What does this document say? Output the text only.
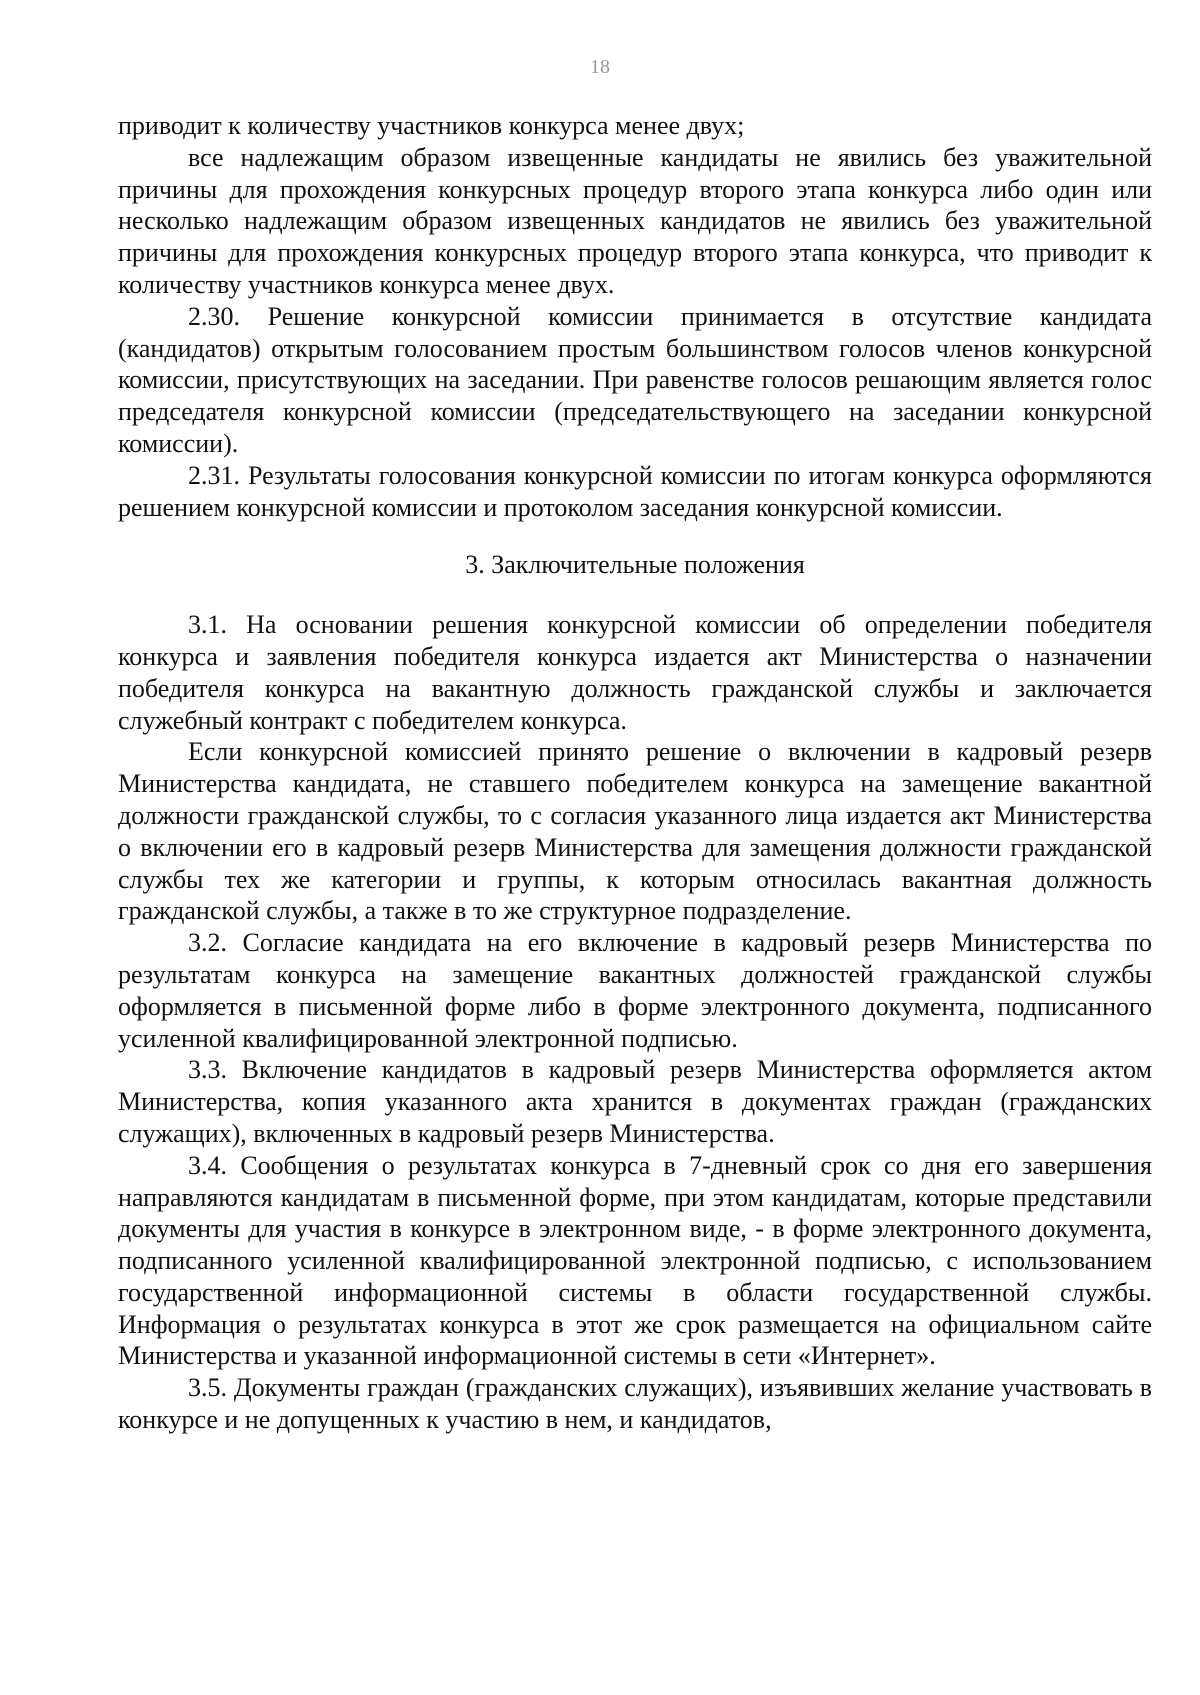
18

приводит к количеству участников конкурса менее двух;

все надлежащим образом извещенные кандидаты не явились без уважительной причины для прохождения конкурсных процедур второго этапа конкурса либо один или несколько надлежащим образом извещенных кандидатов не явились без уважительной причины для прохождения конкурсных процедур второго этапа конкурса, что приводит к количеству участников конкурса менее двух.

2.30. Решение конкурсной комиссии принимается в отсутствие кандидата (кандидатов) открытым голосованием простым большинством голосов членов конкурсной комиссии, присутствующих на заседании. При равенстве голосов решающим является голос председателя конкурсной комиссии (председательствующего на заседании конкурсной комиссии).

2.31. Результаты голосования конкурсной комиссии по итогам конкурса оформляются решением конкурсной комиссии и протоколом заседания конкурсной комиссии.

3. Заключительные положения

3.1. На основании решения конкурсной комиссии об определении победителя конкурса и заявления победителя конкурса издается акт Министерства о назначении победителя конкурса на вакантную должность гражданской службы и заключается служебный контракт с победителем конкурса.

Если конкурсной комиссией принято решение о включении в кадровый резерв Министерства кандидата, не ставшего победителем конкурса на замещение вакантной должности гражданской службы, то с согласия указанного лица издается акт Министерства о включении его в кадровый резерв Министерства для замещения должности гражданской службы тех же категории и группы, к которым относилась вакантная должность гражданской службы, а также в то же структурное подразделение.

3.2. Согласие кандидата на его включение в кадровый резерв Министерства по результатам конкурса на замещение вакантных должностей гражданской службы оформляется в письменной форме либо в форме электронного документа, подписанного усиленной квалифицированной электронной подписью.

3.3. Включение кандидатов в кадровый резерв Министерства оформляется актом Министерства, копия указанного акта хранится в документах граждан (гражданских служащих), включенных в кадровый резерв Министерства.

3.4. Сообщения о результатах конкурса в 7-дневный срок со дня его завершения направляются кандидатам в письменной форме, при этом кандидатам, которые представили документы для участия в конкурсе в электронном виде, - в форме электронного документа, подписанного усиленной квалифицированной электронной подписью, с использованием государственной информационной системы в области государственной службы. Информация о результатах конкурса в этот же срок размещается на официальном сайте Министерства и указанной информационной системы в сети «Интернет».

3.5. Документы граждан (гражданских служащих), изъявивших желание участвовать в конкурсе и не допущенных к участию в нем, и кандидатов,
